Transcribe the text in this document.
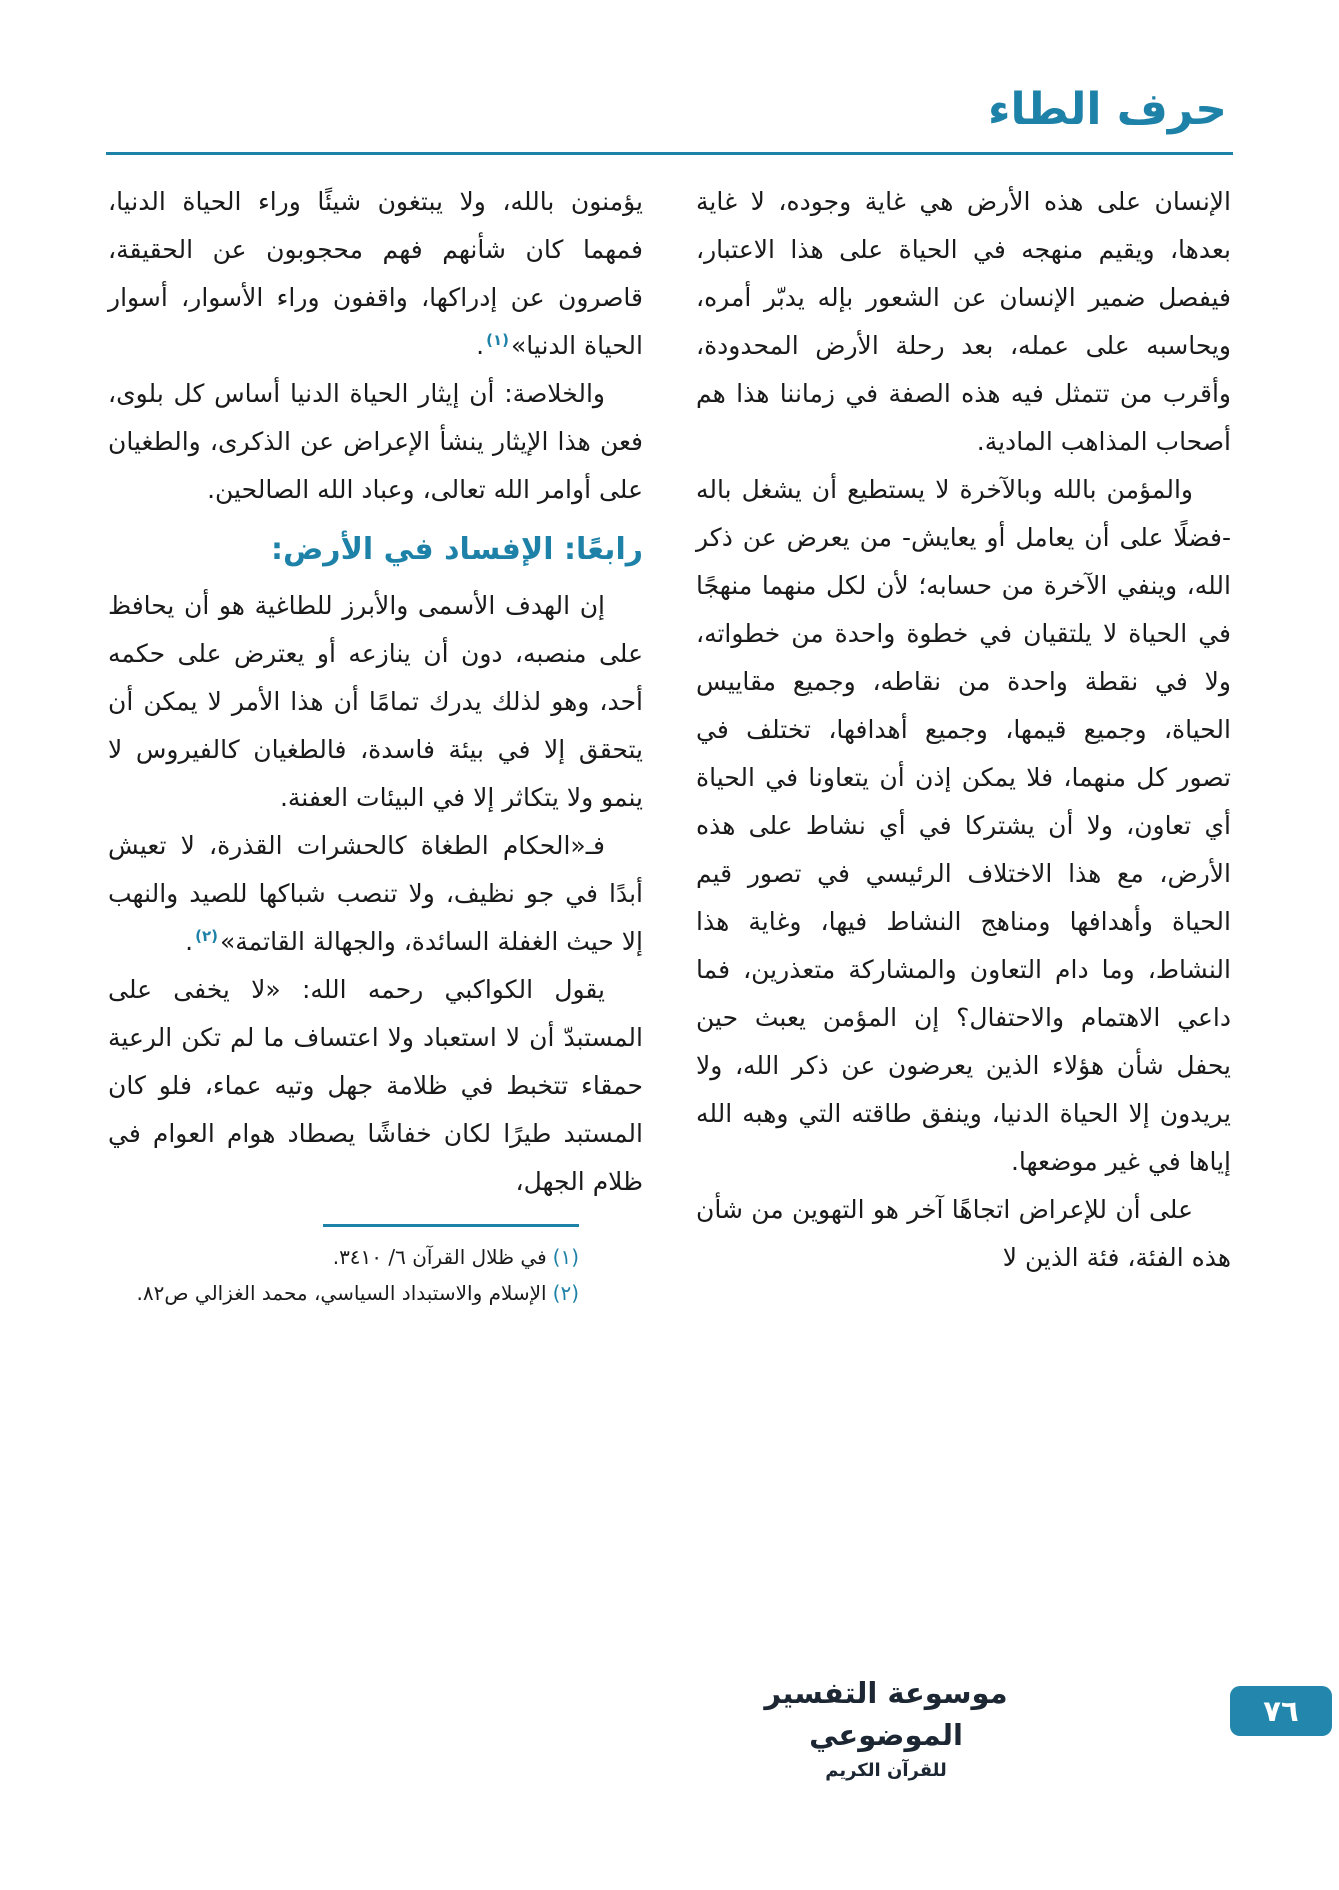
حرف الطاء

الإنسان على هذه الأرض هي غاية وجوده، لا غاية بعدها، ويقيم منهجه في الحياة على هذا الاعتبار، فيفصل ضمير الإنسان عن الشعور بإله يدبّر أمره، ويحاسبه على عمله، بعد رحلة الأرض المحدودة، وأقرب من تتمثل فيه هذه الصفة في زماننا هذا هم أصحاب المذاهب المادية.

والمؤمن بالله وبالآخرة لا يستطيع أن يشغل باله -فضلًا على أن يعامل أو يعايش- من يعرض عن ذكر الله، وينفي الآخرة من حسابه؛ لأن لكل منهما منهجًا في الحياة لا يلتقيان في خطوة واحدة من خطواته، ولا في نقطة واحدة من نقاطه، وجميع مقاييس الحياة، وجميع قيمها، وجميع أهدافها، تختلف في تصور كل منهما، فلا يمكن إذن أن يتعاونا في الحياة أي تعاون، ولا أن يشتركا في أي نشاط على هذه الأرض، مع هذا الاختلاف الرئيسي في تصور قيم الحياة وأهدافها ومناهج النشاط فيها، وغاية هذا النشاط، وما دام التعاون والمشاركة متعذرين، فما داعي الاهتمام والاحتفال؟ إن المؤمن يعبث حين يحفل شأن هؤلاء الذين يعرضون عن ذكر الله، ولا يريدون إلا الحياة الدنيا، وينفق طاقته التي وهبه الله إياها في غير موضعها.

على أن للإعراض اتجاهًا آخر هو التهوين من شأن هذه الفئة، فئة الذين لا

يؤمنون بالله، ولا يبتغون شيئًا وراء الحياة الدنيا، فمهما كان شأنهم فهم محجوبون عن الحقيقة، قاصرون عن إدراكها، واقفون وراء الأسوار، أسوار الحياة الدنيا»$^{(١)}$.

والخلاصة: أن إيثار الحياة الدنيا أساس كل بلوى، فعن هذا الإيثار ينشأ الإعراض عن الذكرى، والطغيان على أوامر الله تعالى، وعباد الله الصالحين.

رابعًا: الإفساد في الأرض:

إن الهدف الأسمى والأبرز للطاغية هو أن يحافظ على منصبه، دون أن ينازعه أو يعترض على حكمه أحد، وهو لذلك يدرك تمامًا أن هذا الأمر لا يمكن أن يتحقق إلا في بيئة فاسدة، فالطغيان كالفيروس لا ينمو ولا يتكاثر إلا في البيئات العفنة.

فـ«الحكام الطغاة كالحشرات القذرة، لا تعيش أبدًا في جو نظيف، ولا تنصب شباكها للصيد والنهب إلا حيث الغفلة السائدة، والجهالة القاتمة»$^{(٢)}$.

يقول الكواكبي رحمه الله: «لا يخفى على المستبدّ أن لا استعباد ولا اعتساف ما لم تكن الرعية حمقاء تتخبط في ظلامة جهل وتيه عماء، فلو كان المستبد طيرًا لكان خفاشًا يصطاد هوام العوام في ظلام الجهل،

(١)في ظلال القرآن ٦/ ٣٤١٠.
(٢)الإسلام والاستبداد السياسي، محمد الغزالي ص٨٢.
موسوعة التفسير الموضوعي
للقرآن الكريم
٧٦
